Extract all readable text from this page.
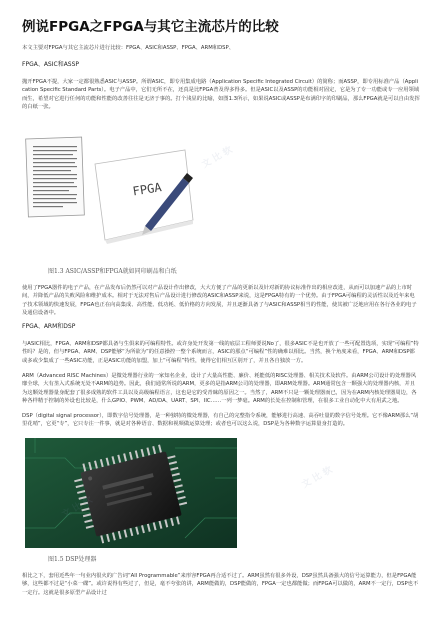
例说FPGA之FPGA与其它主流芯片的比较
本文主要对FPGA与其它主流芯片进行比较：FPGA、ASIC和ASSP、FPGA、ARM和DSP、
FPGA、ASIC和ASSP
抛开FPGA不提，大家一定都很熟悉ASIC与ASSP。所谓ASIC，即专用集成电路（Application Specific Integrated Circuit）的简称；而ASSP，即专用标准产品（Application Specific Standard Parts）。电子产品中，它们无所不在，还真是比FPGA普及得多得多。但是ASIC以及ASSP的功能相对固定，它是为了专一功能或专一应用领域而生，希望对它进行任何的功能和性能的改善往往是无济于事的。打个浅显的比喻，如图1.3所示，如果说ASIC或ASSP是布满印字的印刷品，那么FPGA就是可以自由发挥的白纸一张。
FPGA
图1.3 ASIC/ASSP和FPGA就如同印刷品和白纸
使用了FPGA器件的电子产品，在产品发布后仍然可以对产品设计作出修改，大大方便了产品的更新以及针对新的协议标准作出的相应改进，从而可以加速产品的上市时间，并降低产品的失败风险和维护成本。相对于无法对售后产品设计进行修改的ASIC和ASSP来说，这是FPGA特有的一个优势。由于FPGA可编程的灵活性以及近年来电子技术领域的快速发展，FPGA也正在向高集成、高性能、低功耗、低价格的方向发展，并且逐渐具备了与ASIC和ASSP相当的性能，使其被广泛地应用在各行各业的电子及通信设备中。
FPGA、ARM和DSP
与ASIC相比，FPGA、ARM和DSP都具备与生俱来的可编程特性。或许身处开发第一线的底层工程师要说No了，很多ASIC不是也开放了一些可配置选项，实现“可编程”特性吗？是的，但与FPGA、ARM、DSP能够“为所欲为”的任意操控一整个系统而言，ASIC的那点“可编程”性的确难以相比。当然，换个角度来看，FPGA、ARM和DSP都或多或少集成了一些ASIC功能，正是ASIC功能的加盟，加上“可编程”特性，使得它们相互区别开了，并且各自独放一方。
ARM（Advanced RISC Machines）是微处理器行业的一家知名企业，设计了大量高性能、廉价、耗能低的RISC处理器、相关技术及软件。由ARM公司设计的处理器风靡全球，大有垄入式系统无处不ARM的趋势。因此，我们通常所说的ARM，更多的是指ARM公司的处理器，即ARM处理器。ARM通常包含一颗强大的处理器内核，并且为这颗处理器量身配套了很多成熟的软件工具以及高级编程语言，这也是它的受青睐的原因之一。当然了，ARM不只是一颗处理器而已，因为在ARM内核处理器周边，各种各样精于控制的外设也比较是，什么GPIO、PWM、AD/DA、UART、SPI、IIC……一列一梦毫。ARM的长处在控制和管理，在很多工业自动化中大有用武之地。
DSP（digital signal processor），即数字信号处理器，是一种独特的微处理器，有自己的完整指令系统，能够进行高速、高吞吐量的数字信号处理。它不像ARM那么“胡里花哨”，它更“专”，它只专注一件事，就是对各种语音、数据和视频做运算处理；或者也可以这么说，DSP是为各种数字运算量身打造的。
图1.5 DSP处理器
相比之下，套用近些年一句业内很火的广告词“All Programmable”来形容FPGA再合适不过了。ARM虽然有很多外设，DSP虽然具备强大的信号运算能力，但是FPGA能够，这些都不过是“小菜一碟”。或许说得有些过了，但是，毫不夸张的讲，ARM能做的，DSP能做的，FPGA一定也都能做；而FPGA可以做的，ARM不一定行，DSP也不一定行。这就是很多原型产品设计过
文 比 软
文 比 软
